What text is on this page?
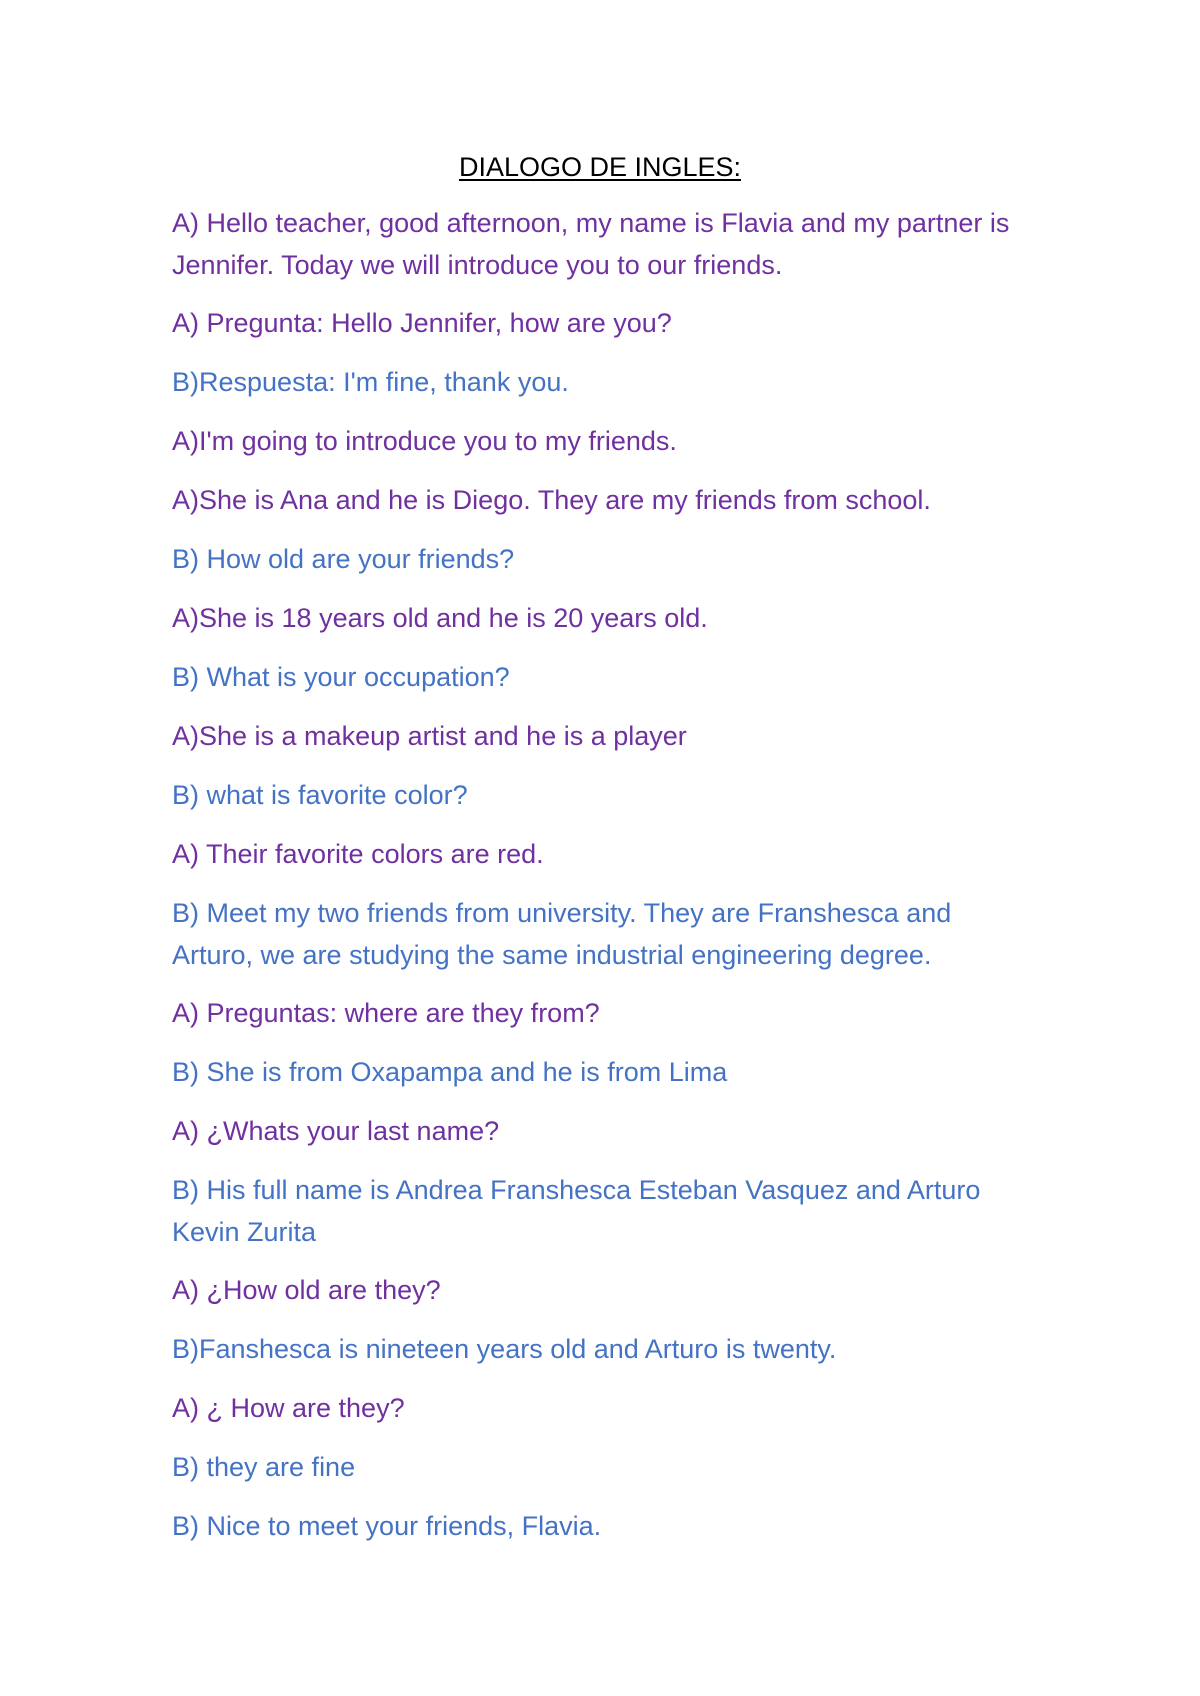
DIALOGO DE INGLES:
A) Hello teacher, good afternoon, my name is Flavia and my partner is Jennifer. Today we will introduce you to our friends.
A) Pregunta: Hello Jennifer, how are you?
B)Respuesta: I'm fine, thank you.
A)I'm going to introduce you to my friends.
A)She is Ana and he is Diego. They are my friends from school.
B) How old are your friends?
A)She is 18 years old and he is 20 years old.
B) What is your occupation?
A)She is a makeup artist and he is a player
B) what is favorite color?
A) Their favorite colors are red.
B) Meet my two friends from university. They are Franshesca and Arturo, we are studying the same industrial engineering degree.
A) Preguntas: where are they from?
B) She is from Oxapampa and he is from Lima
A) ¿Whats your last name?
B) His full name is Andrea Franshesca Esteban Vasquez and Arturo Kevin Zurita
A) ¿How old are they?
B)Fanshesca is nineteen years old and Arturo is twenty.
A) ¿ How are they?
B) they are fine
B) Nice to meet your friends, Flavia.
